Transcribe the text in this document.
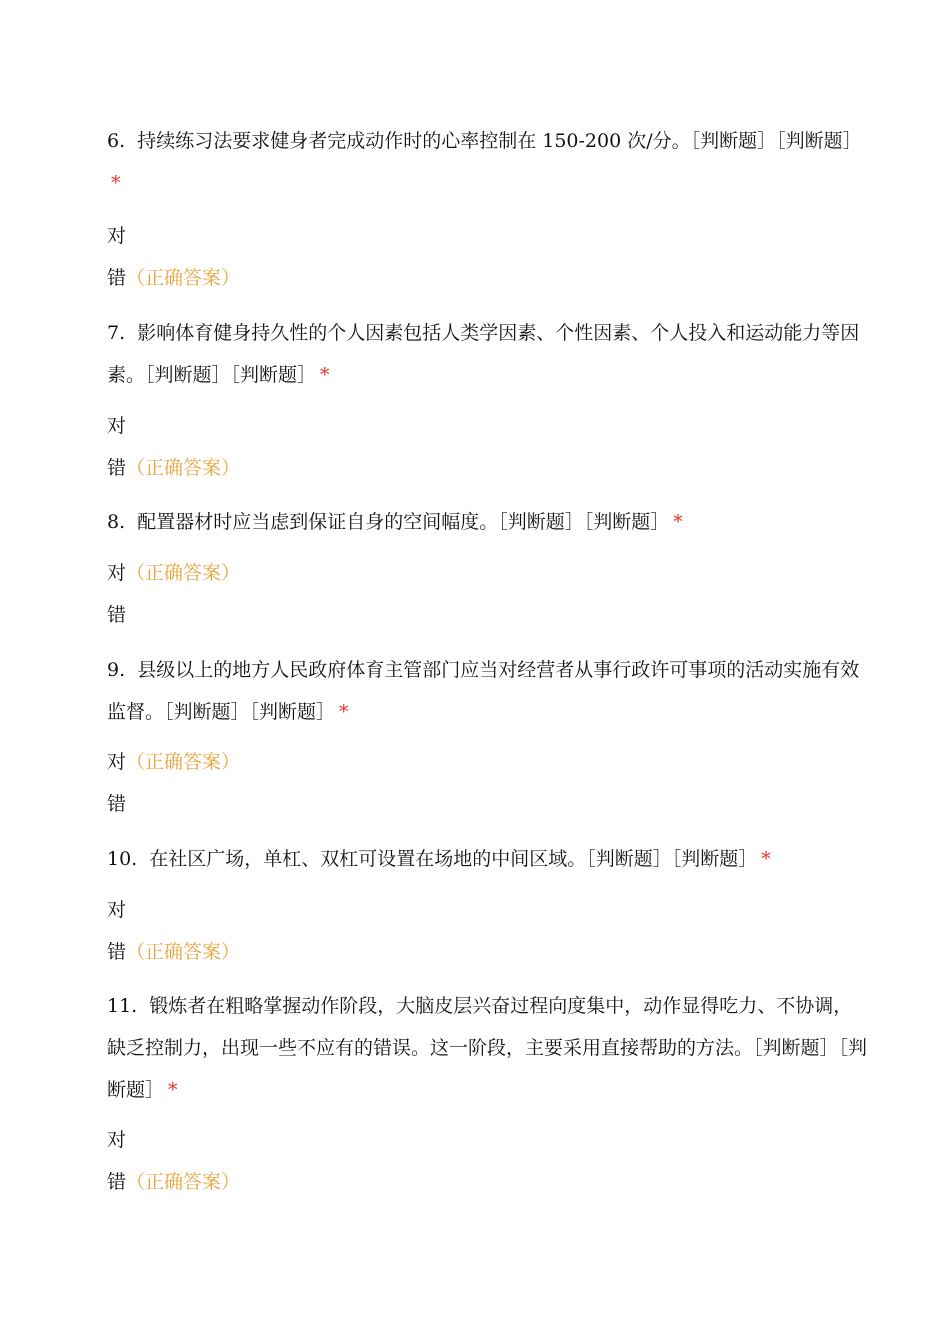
6. 持续练习法要求健身者完成动作时的心率控制在 150-200 次/分。［判断题］［判断题］*

对
错（正确答案）

7. 影响体育健身持久性的个人因素包括人类学因素、个性因素、个人投入和运动能力等因素。［判断题］［判断题］ *

对
错（正确答案）

8. 配置器材时应当虑到保证自身的空间幅度。［判断题］［判断题］ *

对（正确答案）
错

9. 县级以上的地方人民政府体育主管部门应当对经营者从事行政许可事项的活动实施有效监督。［判断题］［判断题］ *

对（正确答案）
错

10. 在社区广场，单杠、双杠可设置在场地的中间区域。［判断题］［判断题］ *

对
错（正确答案）

11. 锻炼者在粗略掌握动作阶段，大脑皮层兴奋过程向度集中，动作显得吃力、不协调，缺乏控制力，出现一些不应有的错误。这一阶段，主要采用直接帮助的方法。［判断题］［判断题］ *

对
错（正确答案）
